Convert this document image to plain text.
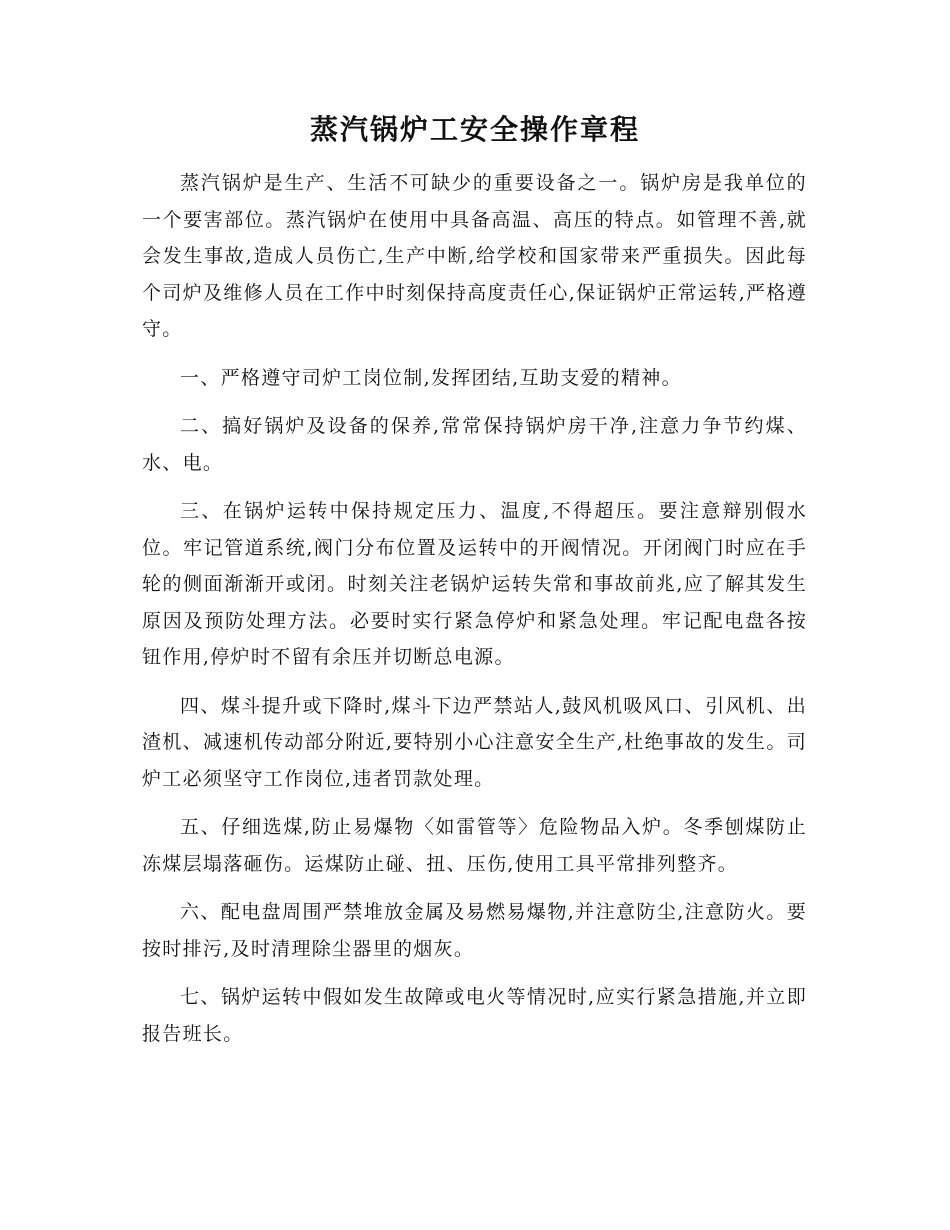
蒸汽锅炉工安全操作章程

蒸汽锅炉是生产、生活不可缺少的重要设备之一。锅炉房是我单位的一个要害部位。蒸汽锅炉在使用中具备高温、高压的特点。如管理不善,就会发生事故,造成人员伤亡,生产中断,给学校和国家带来严重损失。因此每个司炉及维修人员在工作中时刻保持高度责任心,保证锅炉正常运转,严格遵守。

一、严格遵守司炉工岗位制,发挥团结,互助支爱的精神。

二、搞好锅炉及设备的保养,常常保持锅炉房干净,注意力争节约煤、水、电。

三、在锅炉运转中保持规定压力、温度,不得超压。要注意辩别假水位。牢记管道系统,阀门分布位置及运转中的开阀情况。开闭阀门时应在手轮的侧面渐渐开或闭。时刻关注老锅炉运转失常和事故前兆,应了解其发生原因及预防处理方法。必要时实行紧急停炉和紧急处理。牢记配电盘各按钮作用,停炉时不留有余压并切断总电源。

四、煤斗提升或下降时,煤斗下边严禁站人,鼓风机吸风口、引风机、出渣机、减速机传动部分附近,要特别小心注意安全生产,杜绝事故的发生。司炉工必须坚守工作岗位,违者罚款处理。

五、仔细选煤,防止易爆物〈如雷管等〉危险物品入炉。冬季刨煤防止冻煤层塌落砸伤。运煤防止碰、扭、压伤,使用工具平常排列整齐。

六、配电盘周围严禁堆放金属及易燃易爆物,并注意防尘,注意防火。要按时排污,及时清理除尘器里的烟灰。

七、锅炉运转中假如发生故障或电火等情况时,应实行紧急措施,并立即报告班长。
